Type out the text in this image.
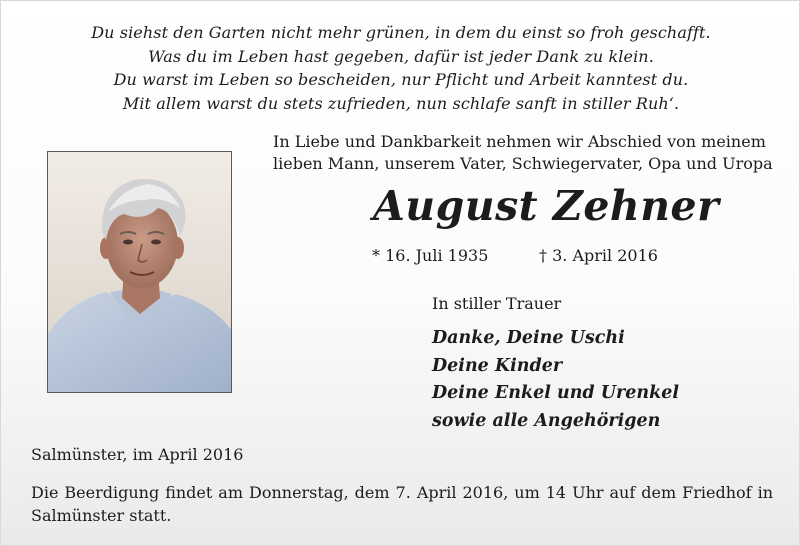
Du siehst den Garten nicht mehr grünen, in dem du einst so froh geschafft.
Was du im Leben hast gegeben, dafür ist jeder Dank zu klein.
Du warst im Leben so bescheiden, nur Pflicht und Arbeit kanntest du.
Mit allem warst du stets zufrieden, nun schlafe sanft in stiller Ruh‘.
In Liebe und Dankbarkeit nehmen wir Abschied von meinem
lieben Mann, unserem Vater, Schwiegervater, Opa und Uropa
August Zehner
* 16. Juli 1935	† 3. April 2016
In stiller Trauer
Danke, Deine Uschi
Deine Kinder
Deine Enkel und Urenkel
sowie alle Angehörigen
Salmünster, im April 2016
Die Beerdigung findet am Donnerstag, dem 7. April 2016, um 14 Uhr auf dem Friedhof in Salmünster statt.
